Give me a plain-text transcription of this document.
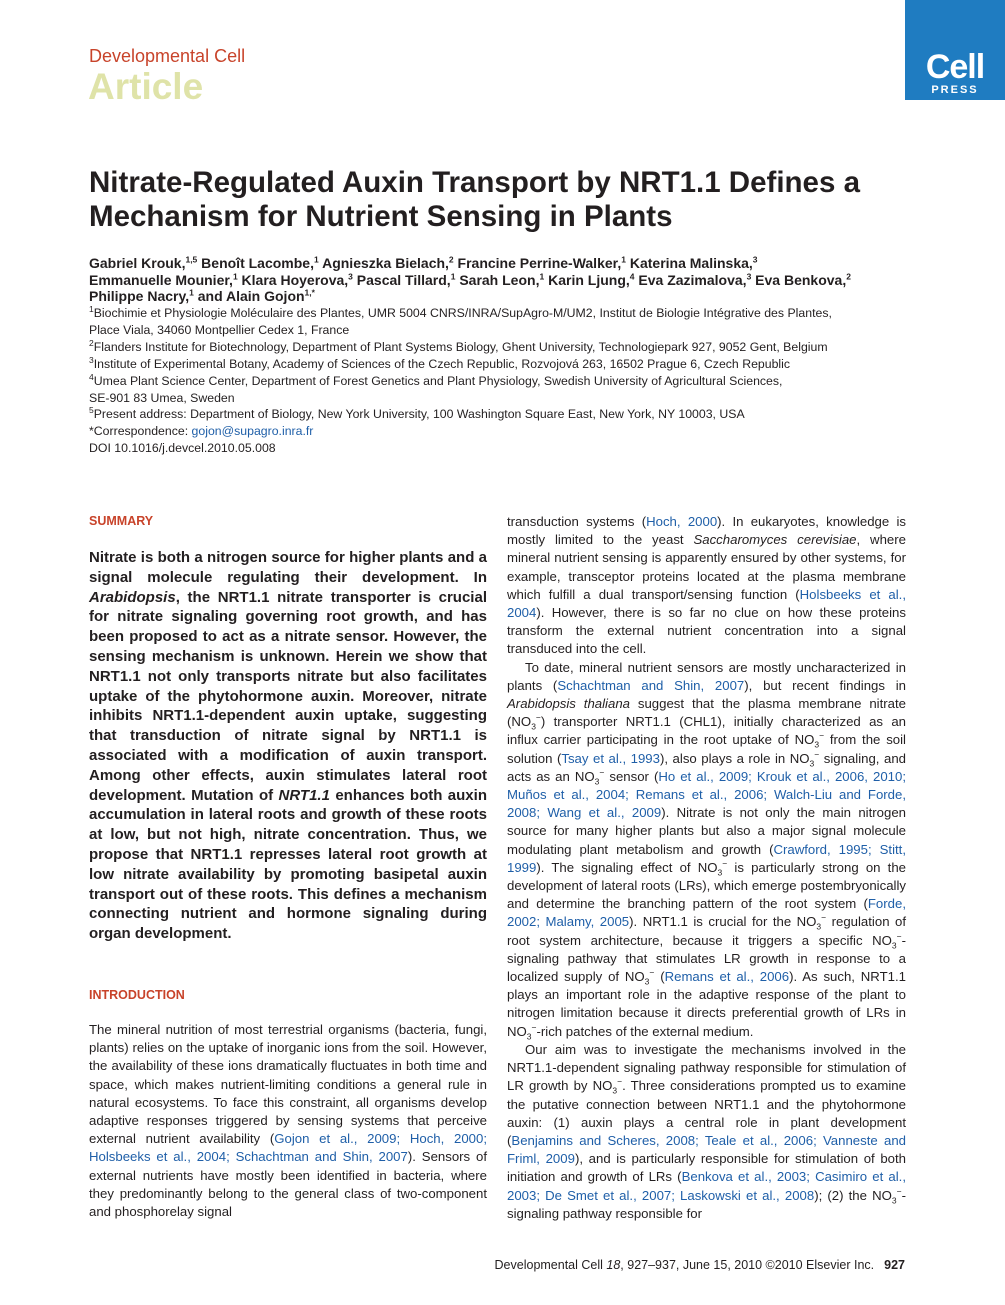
Developmental Cell
Article	Cell
PRESS
Nitrate-Regulated Auxin Transport by NRT1.1 Defines a Mechanism for Nutrient Sensing in Plants
Gabriel Krouk,$^{1,5}$ Benoît Lacombe,$^1$ Agnieszka Bielach,$^2$ Francine Perrine-Walker,$^1$ Katerina Malinska,$^3$
Emmanuelle Mounier,$^1$ Klara Hoyerova,$^3$ Pascal Tillard,$^1$ Sarah Leon,$^1$ Karin Ljung,$^4$ Eva Zazimalova,$^3$ Eva Benkova,$^2$
Philippe Nacry,$^1$ and Alain Gojon$^{1,*}$
$^1$Biochimie et Physiologie Moléculaire des Plantes, UMR 5004 CNRS/INRA/SupAgro-M/UM2, Institut de Biologie Intégrative des Plantes,
Place Viala, 34060 Montpellier Cedex 1, France
$^2$Flanders Institute for Biotechnology, Department of Plant Systems Biology, Ghent University, Technologiepark 927, 9052 Gent, Belgium
$^3$Institute of Experimental Botany, Academy of Sciences of the Czech Republic, Rozvojová 263, 16502 Prague 6, Czech Republic
$^4$Umea Plant Science Center, Department of Forest Genetics and Plant Physiology, Swedish University of Agricultural Sciences,
SE-901 83 Umea, Sweden
$^5$Present address: Department of Biology, New York University, 100 Washington Square East, New York, NY 10003, USA
*Correspondence: gojon@supagro.inra.fr
DOI 10.1016/j.devcel.2010.05.008
SUMMARY
Nitrate is both a nitrogen source for higher plants and a signal molecule regulating their development. In Arabidopsis, the NRT1.1 nitrate transporter is crucial for nitrate signaling governing root growth, and has been proposed to act as a nitrate sensor. However, the sensing mechanism is unknown. Herein we show that NRT1.1 not only transports nitrate but also facilitates uptake of the phytohormone auxin. Moreover, nitrate inhibits NRT1.1-dependent auxin uptake, suggesting that transduction of nitrate signal by NRT1.1 is associated with a modification of auxin transport. Among other effects, auxin stimulates lateral root development. Mutation of NRT1.1 enhances both auxin accumulation in lateral roots and growth of these roots at low, but not high, nitrate concentration. Thus, we propose that NRT1.1 represses lateral root growth at low nitrate availability by promoting basipetal auxin transport out of these roots. This defines a mechanism connecting nutrient and hormone signaling during organ development.
INTRODUCTION
The mineral nutrition of most terrestrial organisms (bacteria, fungi, plants) relies on the uptake of inorganic ions from the soil. However, the availability of these ions dramatically fluctuates in both time and space, which makes nutrient-limiting conditions a general rule in natural ecosystems. To face this constraint, all organisms develop adaptive responses triggered by sensing systems that perceive external nutrient availability (Gojon et al., 2009; Hoch, 2000; Holsbeeks et al., 2004; Schachtman and Shin, 2007). Sensors of external nutrients have mostly been identified in bacteria, where they predominantly belong to the general class of two-component and phosphorelay signal

transduction systems (Hoch, 2000). In eukaryotes, knowledge is mostly limited to the yeast Saccharomyces cerevisiae, where mineral nutrient sensing is apparently ensured by other systems, for example, transceptor proteins located at the plasma membrane which fulfill a dual transport/sensing function (Holsbeeks et al., 2004). However, there is so far no clue on how these proteins transform the external nutrient concentration into a signal transduced into the cell.

To date, mineral nutrient sensors are mostly uncharacterized in plants (Schachtman and Shin, 2007), but recent findings in Arabidopsis thaliana suggest that the plasma membrane nitrate $(NO_3^-)$ transporter NRT1.1 (CHL1), initially characterized as an influx carrier participating in the root uptake of $NO_3^-$ from the soil solution (Tsay et al., 1993), also plays a role in $NO_3^-$ signaling, and acts as an $NO_3^-$ sensor (Ho et al., 2009; Krouk et al., 2006, 2010; Muños et al., 2004; Remans et al., 2006; Walch-Liu and Forde, 2008; Wang et al., 2009). Nitrate is not only the main nitrogen source for many higher plants but also a major signal molecule modulating plant metabolism and growth (Crawford, 1995; Stitt, 1999). The signaling effect of $NO_3^-$ is particularly strong on the development of lateral roots (LRs), which emerge postembryonically and determine the branching pattern of the root system (Forde, 2002; Malamy, 2005). NRT1.1 is crucial for the $NO_3^-$ regulation of root system architecture, because it triggers a specific $NO_3^-$-signaling pathway that stimulates LR growth in response to a localized supply of $NO_3^-$ (Remans et al., 2006). As such, NRT1.1 plays an important role in the adaptive response of the plant to nitrogen limitation because it directs preferential growth of LRs in $NO_3^-$-rich patches of the external medium.

Our aim was to investigate the mechanisms involved in the NRT1.1-dependent signaling pathway responsible for stimulation of LR growth by $NO_3^-$. Three considerations prompted us to examine the putative connection between NRT1.1 and the phytohormone auxin: (1) auxin plays a central role in plant development (Benjamins and Scheres, 2008; Teale et al., 2006; Vanneste and Friml, 2009), and is particularly responsible for stimulation of both initiation and growth of LRs (Benkova et al., 2003; Casimiro et al., 2003; De Smet et al., 2007; Laskowski et al., 2008); (2) the $NO_3^-$-signaling pathway responsible for

Developmental Cell 18, 927–937, June 15, 2010 ©2010 Elsevier Inc. 927
